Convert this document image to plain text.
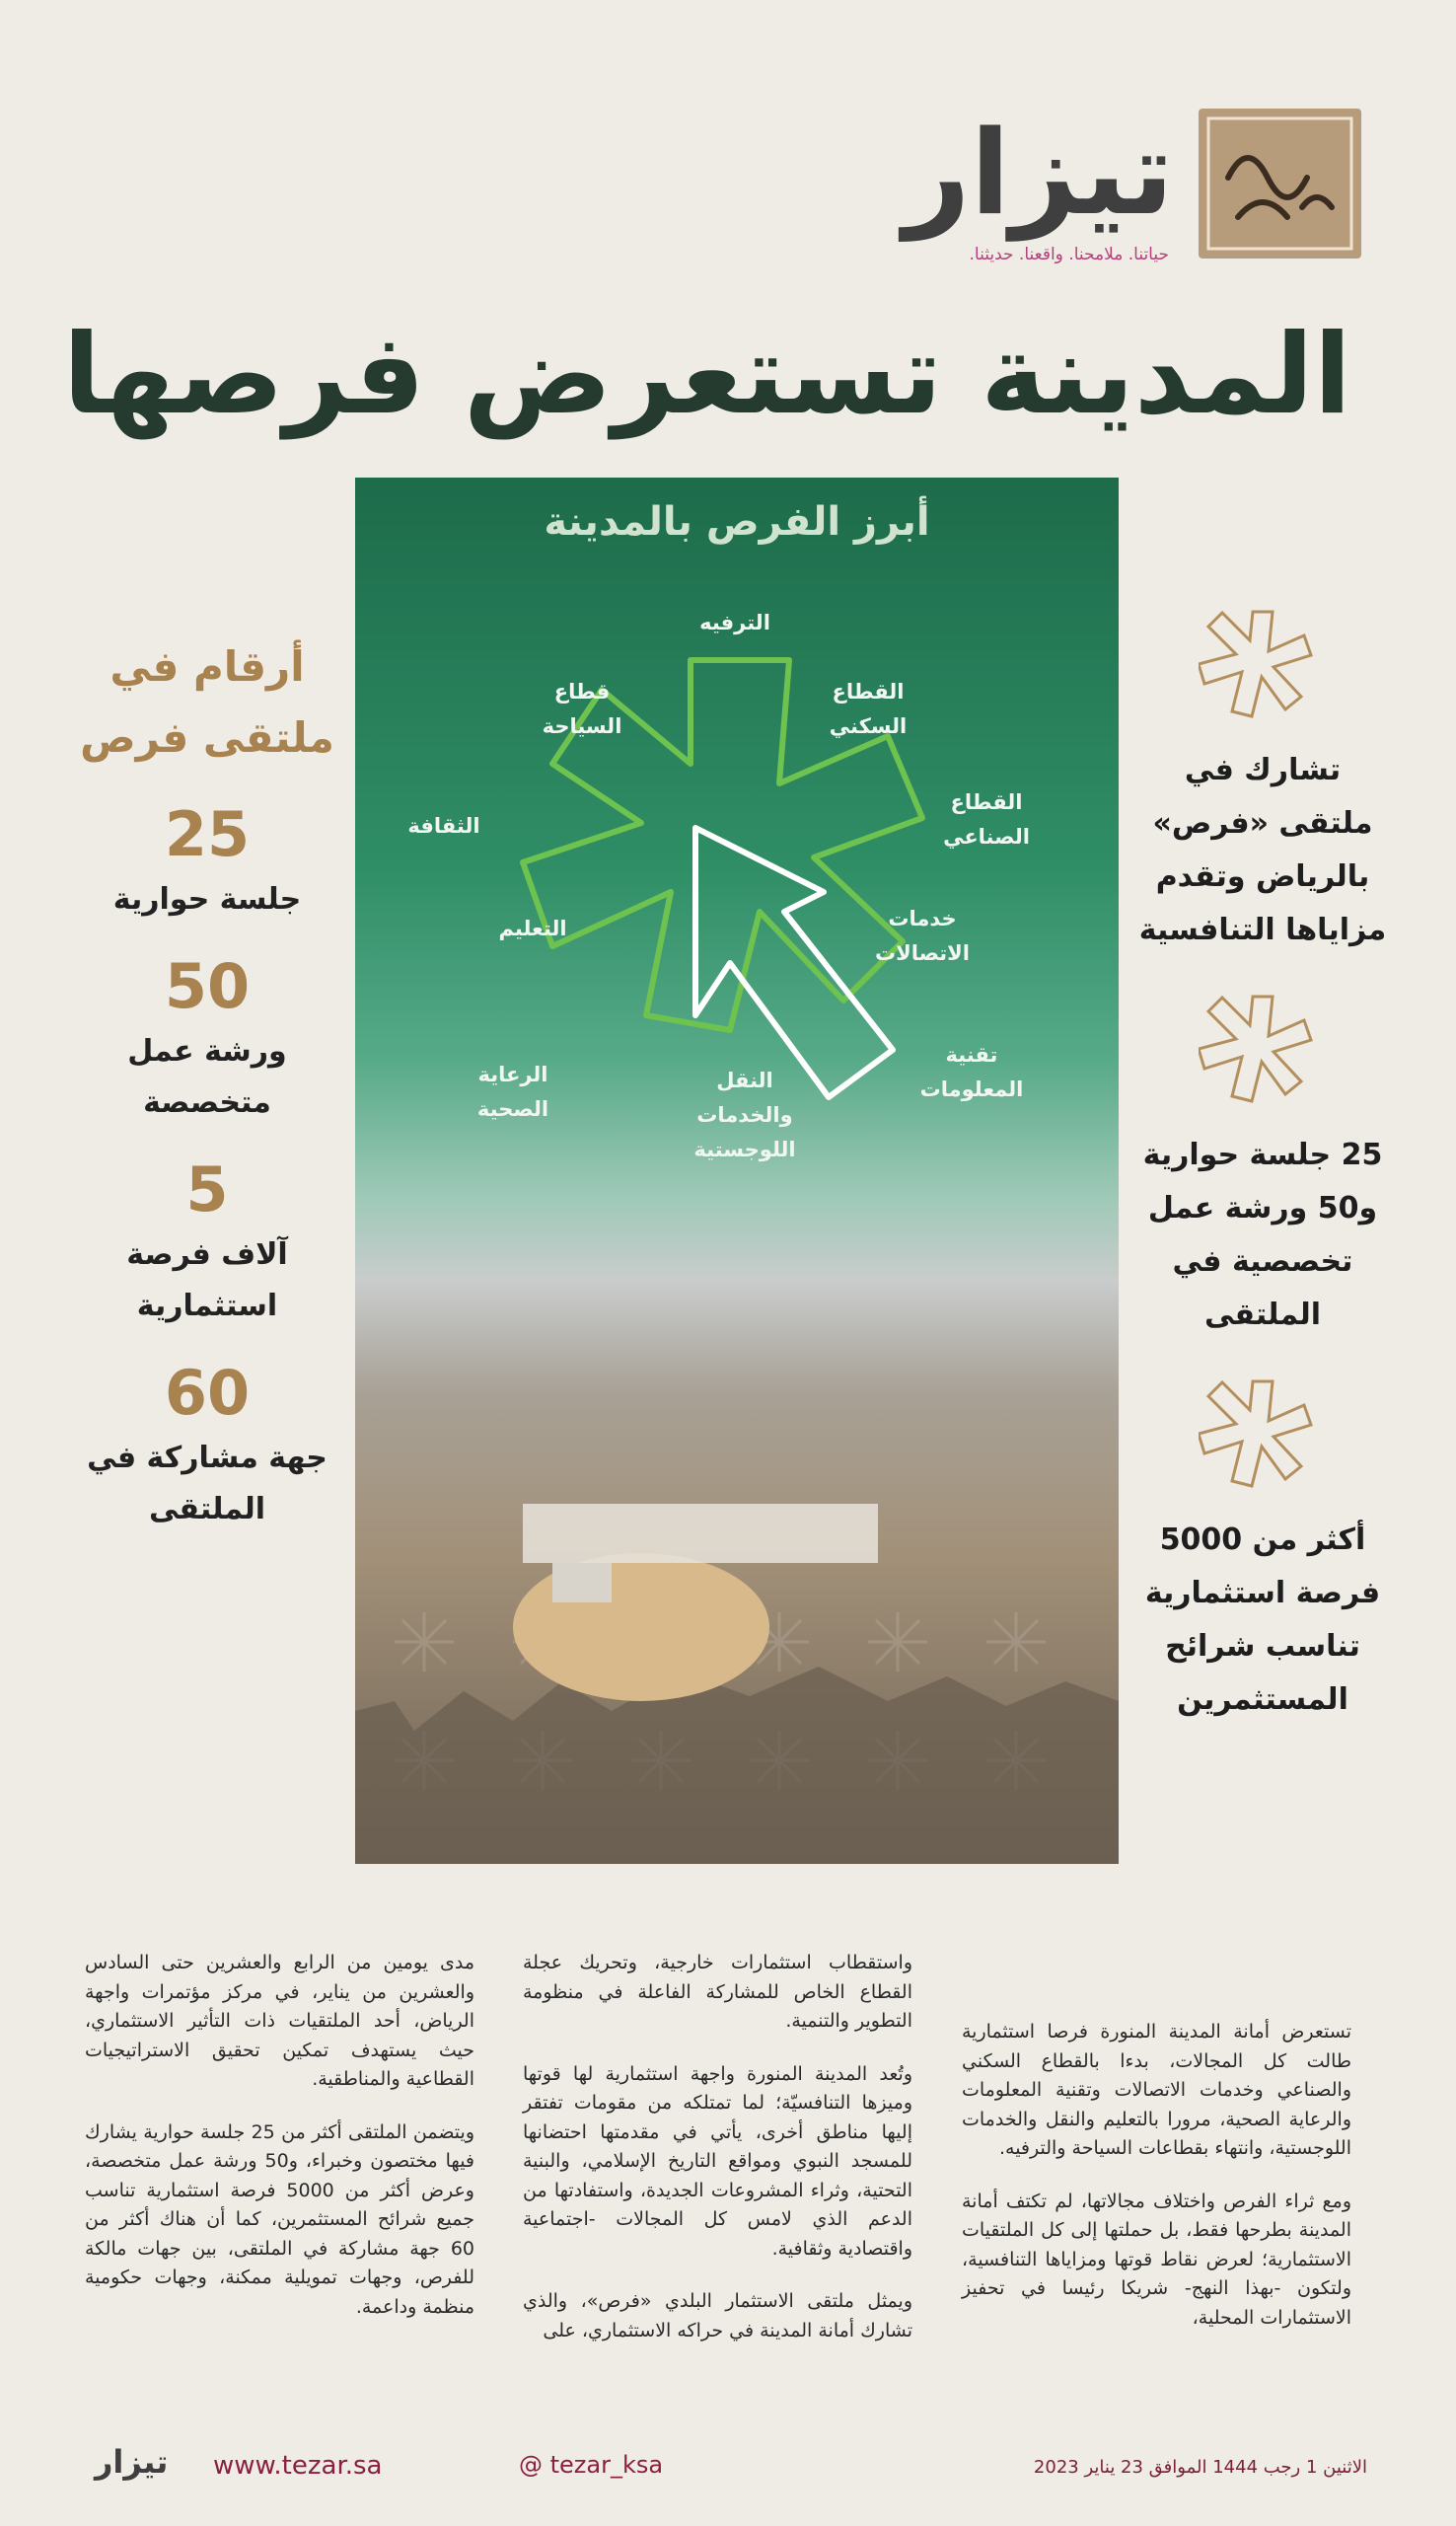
تيزار
حياتنا. ملامحنا. واقعنا. حديثنا.
المدينة تستعرض فرصها
أبرز الفرص بالمدينة
الترفيه
القطاع السكني
قطاع السياحة
القطاع الصناعي
الثقافة
خدمات الاتصالات
التعليم
تقنية المعلومات
الرعاية الصحية
النقل والخدمات اللوجستية
أرقام في ملتقى فرص
25
جلسة حوارية
50
ورشة عمل متخصصة
5
آلاف فرصة استثمارية
60
جهة مشاركة في الملتقى
تشارك في ملتقى «فرص» بالرياض وتقدم مزاياها التنافسية
25 جلسة حوارية و50 ورشة عمل تخصصية في الملتقى
أكثر من 5000 فرصة استثمارية تناسب شرائح المستثمرين

تستعرض أمانة المدينة المنورة فرصا استثمارية طالت كل المجالات، بدءا بالقطاع السكني والصناعي وخدمات الاتصالات وتقنية المعلومات والرعاية الصحية، مرورا بالتعليم والنقل والخدمات اللوجستية، وانتهاء بقطاعات السياحة والترفيه.

ومع ثراء الفرص واختلاف مجالاتها، لم تكتف أمانة المدينة بطرحها فقط، بل حملتها إلى كل الملتقيات الاستثمارية؛ لعرض نقاط قوتها ومزاياها التنافسية، ولتكون -بهذا النهج- شريكا رئيسا في تحفيز الاستثمارات المحلية،

واستقطاب استثمارات خارجية، وتحريك عجلة القطاع الخاص للمشاركة الفاعلة في منظومة التطوير والتنمية.

وتُعد المدينة المنورة واجهة استثمارية لها قوتها وميزها التنافسيّة؛ لما تمتلكه من مقومات تفتقر إليها مناطق أخرى، يأتي في مقدمتها احتضانها للمسجد النبوي ومواقع التاريخ الإسلامي، والبنية التحتية، وثراء المشروعات الجديدة، واستفادتها من الدعم الذي لامس كل المجالات -اجتماعية واقتصادية وثقافية.

ويمثل ملتقى الاستثمار البلدي «فرص»، والذي تشارك أمانة المدينة في حراكه الاستثماري، على

مدى يومين من الرابع والعشرين حتى السادس والعشرين من يناير، في مركز مؤتمرات واجهة الرياض، أحد الملتقيات ذات التأثير الاستثماري، حيث يستهدف تمكين تحقيق الاستراتيجيات القطاعية والمناطقية.

ويتضمن الملتقى أكثر من 25 جلسة حوارية يشارك فيها مختصون وخبراء، و50 ورشة عمل متخصصة، وعرض أكثر من 5000 فرصة استثمارية تناسب جميع شرائح المستثمرين، كما أن هناك أكثر من 60 جهة مشاركة في الملتقى، بين جهات مالكة للفرص، وجهات تمويلية ممكنة، وجهات حكومية منظمة وداعمة.

الاثنين 1 رجب 1444 الموافق 23 يناير 2023
@ tezar_ksa
www.tezar.sa
تيزار
